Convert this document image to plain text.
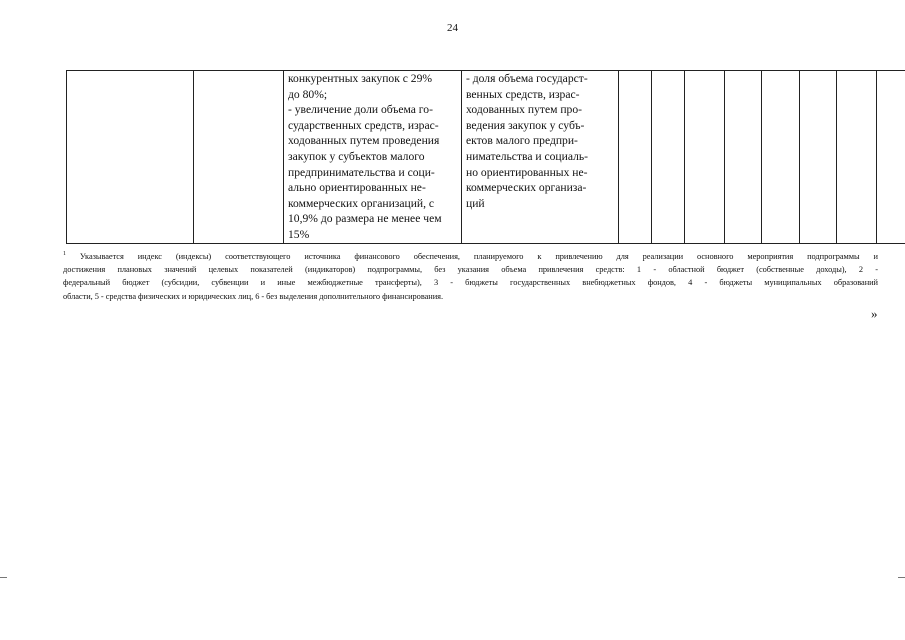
24

конкурентных закупок с 29%
до 80%;
- увеличение доли объема го-
сударственных средств, израс-
ходованных путем проведения
закупок у субъектов малого
предпринимательства и соци-
ально ориентированных не-
коммерческих организаций, с
10,9% до размера не менее чем
15%

- доля объема государст-
венных средств, израс-
ходованных путем про-
ведения закупок у субъ-
ектов малого предпри-
нимательства и социаль-
но ориентированных не-
коммерческих организа-
ций

$^1$ Указывается индекс (индексы) соответствующего источника финансового обеспечения, планируемого к привлечению для реализации основного мероприятия подпрограммы и
достижения плановых значений целевых показателей (индикаторов) подпрограммы, без указания объема привлечения средств: 1 - областной бюджет (собственные доходы), 2 -
федеральный бюджет (субсидии, субвенции и иные межбюджетные трансферты), 3 - бюджеты государственных внебюджетных фондов, 4 - бюджеты муниципальных образований
области, 5 - средства физических и юридических лиц, 6 - без выделения дополнительного финансирования.
»
